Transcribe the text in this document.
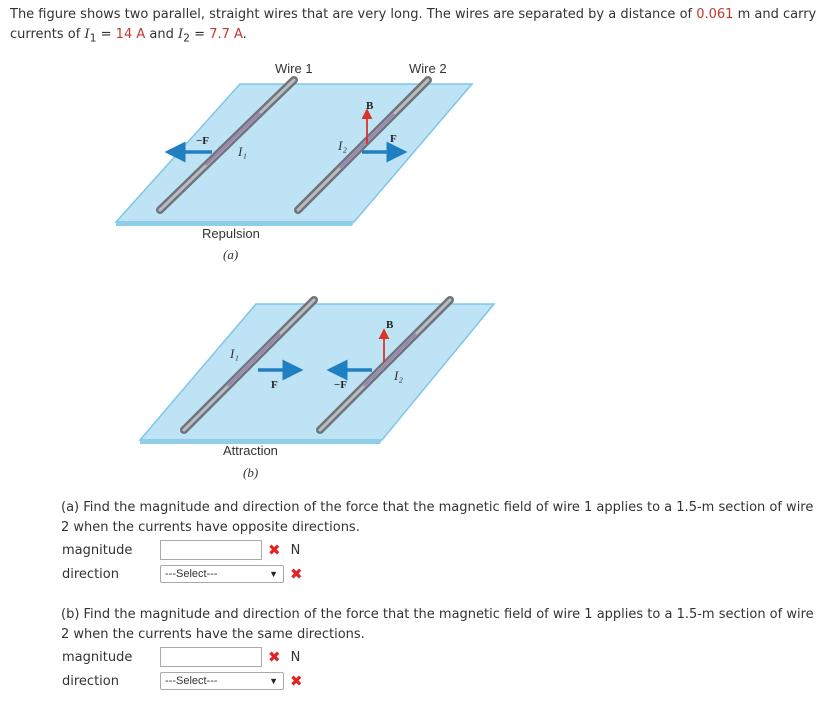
The figure shows two parallel, straight wires that are very long. The wires are separated by a distance of 0.061 m and carry currents of $I_1 = 14$ A and $I_2 = 7.7$ A.
−F⃗	F⃗
B⃗
I₁	I₂
Wire 1	Wire 2
Repulsion
(a)
F⃗	−F⃗
B⃗
I₁
I₂
Attraction
(b)
(a) Find the magnitude and direction of the force that the magnetic field of wire 1 applies to a 1.5-m section of wire 2 when the currents have opposite directions.
magnitude	✖ N
direction	---Select---	▼ ✖
(b) Find the magnitude and direction of the force that the magnetic field of wire 1 applies to a 1.5-m section of wire 2 when the currents have the same directions.
magnitude	✖ N
direction	---Select---	▼ ✖
